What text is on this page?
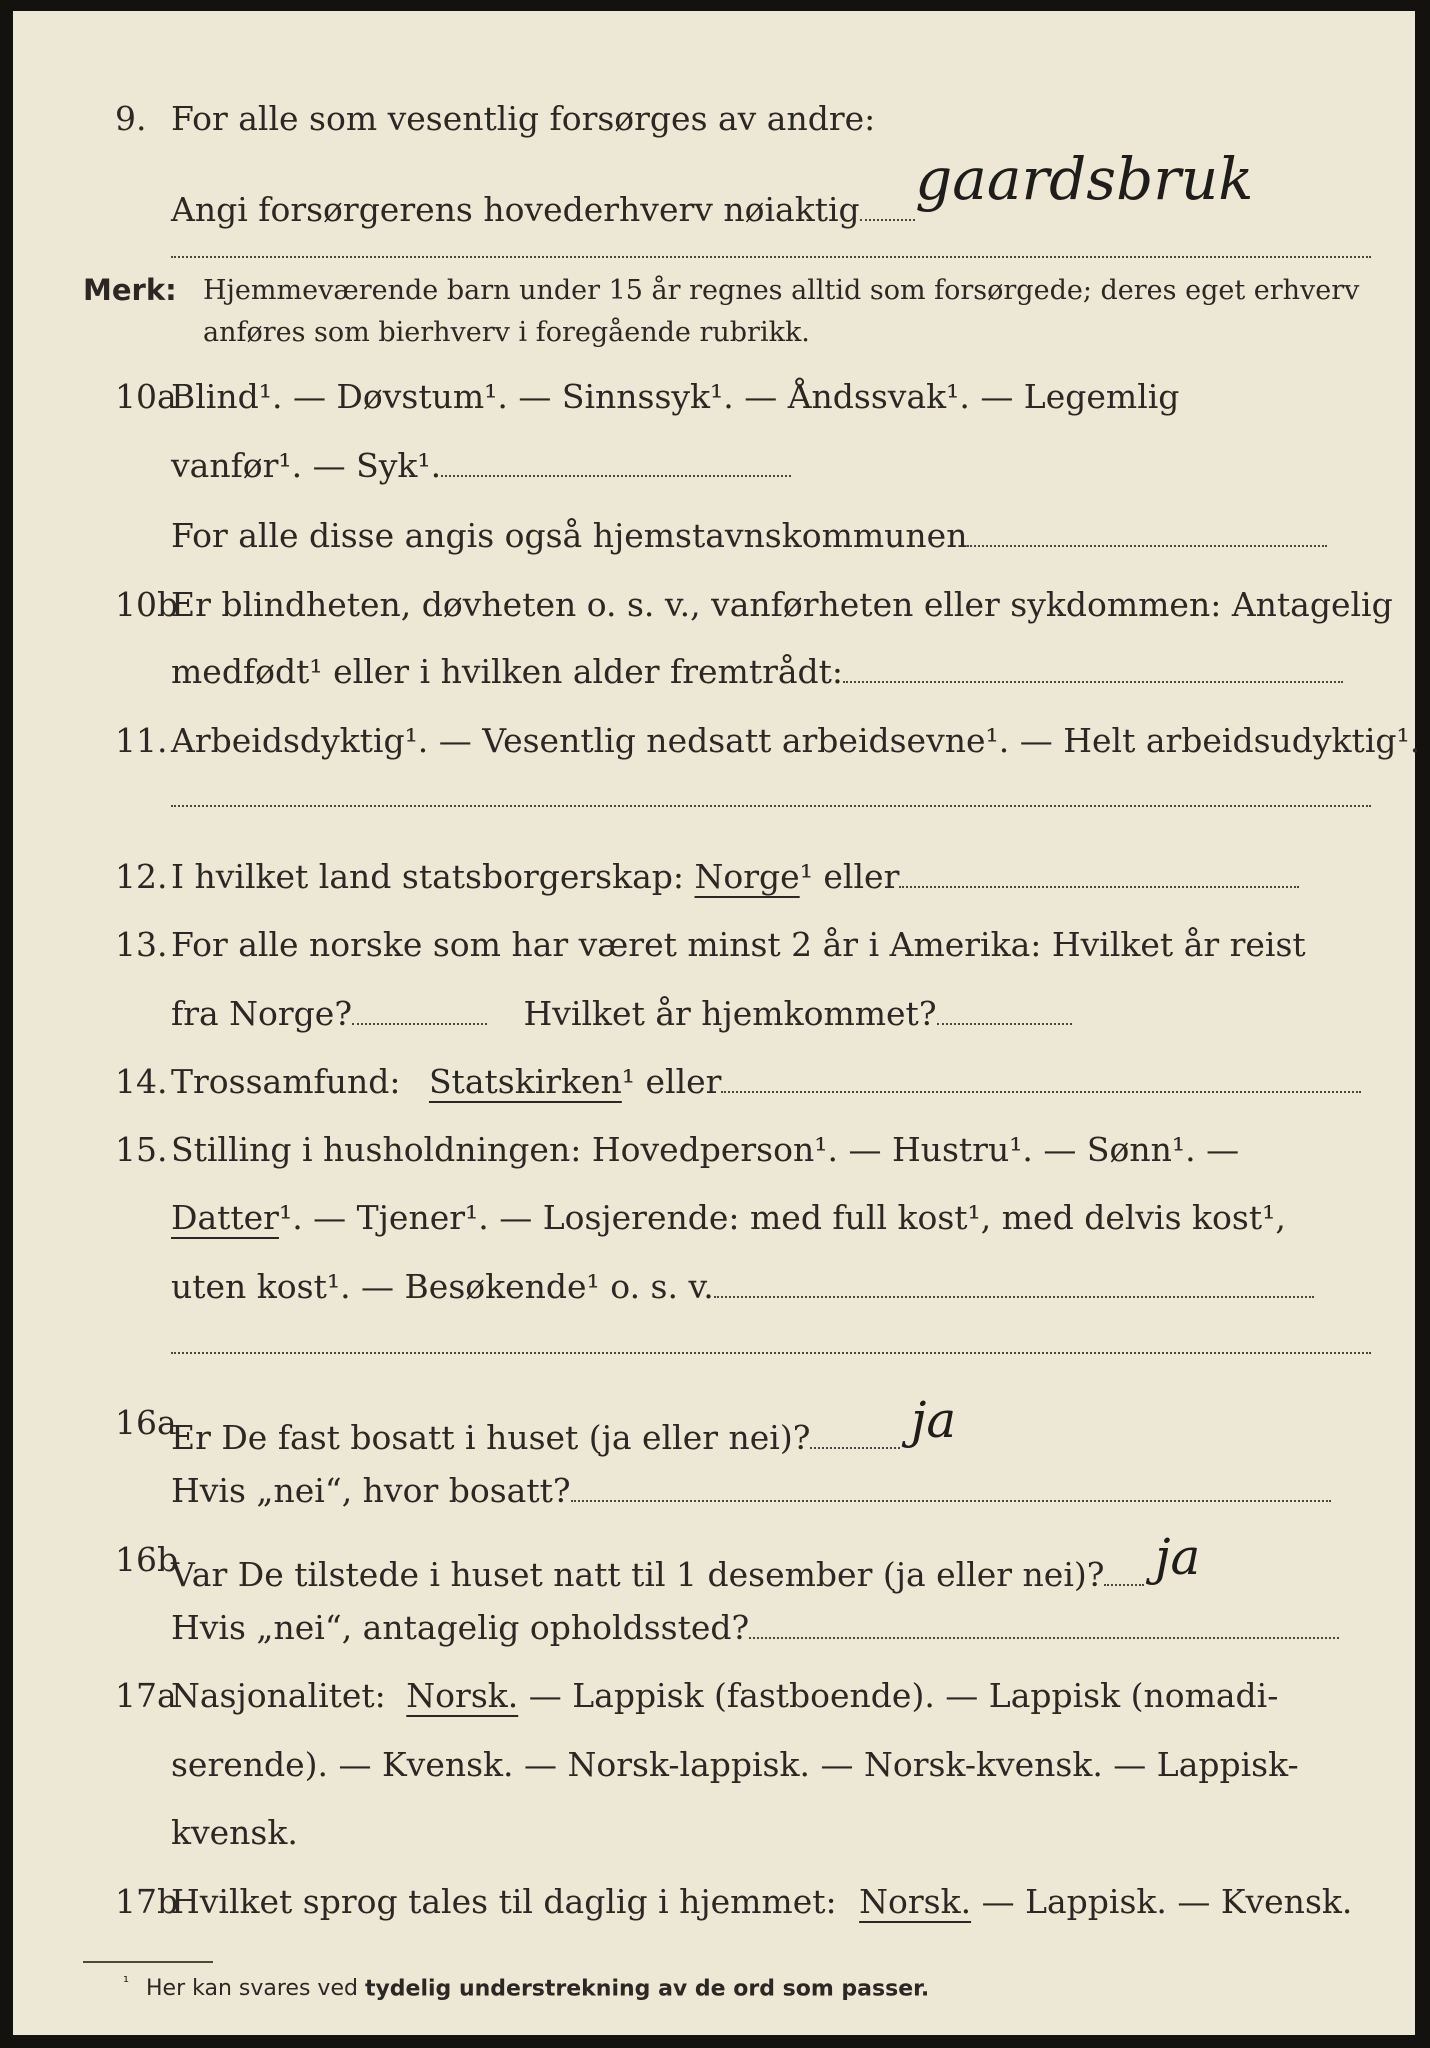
9. For alle som vesentlig forsørges av andre:
Angi forsørgerens hovederhverv nøiaktig gaardsbruk
Merk: Hjemmeværende barn under 15 år regnes alltid som forsørgede; deres eget erhverv
anføres som bierhverv i foregående rubrikk.
10a
Blind¹. — Døvstum¹. — Sinnssyk¹. — Åndssvak¹. — Legemlig
vanfør¹. — Syk¹.
For alle disse angis også hjemstavnskommunen
10b
Er blindheten, døvheten o. s. v., vanførheten eller sykdommen: Antagelig
medfødt¹ eller i hvilken alder fremtrådt:
11. Arbeidsdyktig¹. — Vesentlig nedsatt arbeidsevne¹. — Helt arbeidsudyktig¹.
12. I hvilket land statsborgerskap: Norge¹ eller
13. For alle norske som har været minst 2 år i Amerika: Hvilket år reist
fra Norge?	Hvilket år hjemkommet?
14. Trossamfund: Statskirken¹ eller
15. Stilling i husholdningen: Hovedperson¹. — Hustru¹. — Sønn¹. —
Datter¹. — Tjener¹. — Losjerende: med full kost¹, med delvis kost¹,
uten kost¹. — Besøkende¹ o. s. v.
16a
Er De fast bosatt i huset (ja eller nei)? ja
Hvis „nei“, hvor bosatt?
16b
Var De tilstede i huset natt til 1 desember (ja eller nei)? ja
Hvis „nei“, antagelig opholdssted?
17a
Nasjonalitet: Norsk. — Lappisk (fastboende). — Lappisk (nomadi-
serende). — Kvensk. — Norsk-lappisk. — Norsk-kvensk. — Lappisk-
kvensk.
17b
Hvilket sprog tales til daglig i hjemmet: Norsk. — Lappisk. — Kvensk.
$^{^1}$ Her kan svares ved tydelig understrekning av de ord som passer.
